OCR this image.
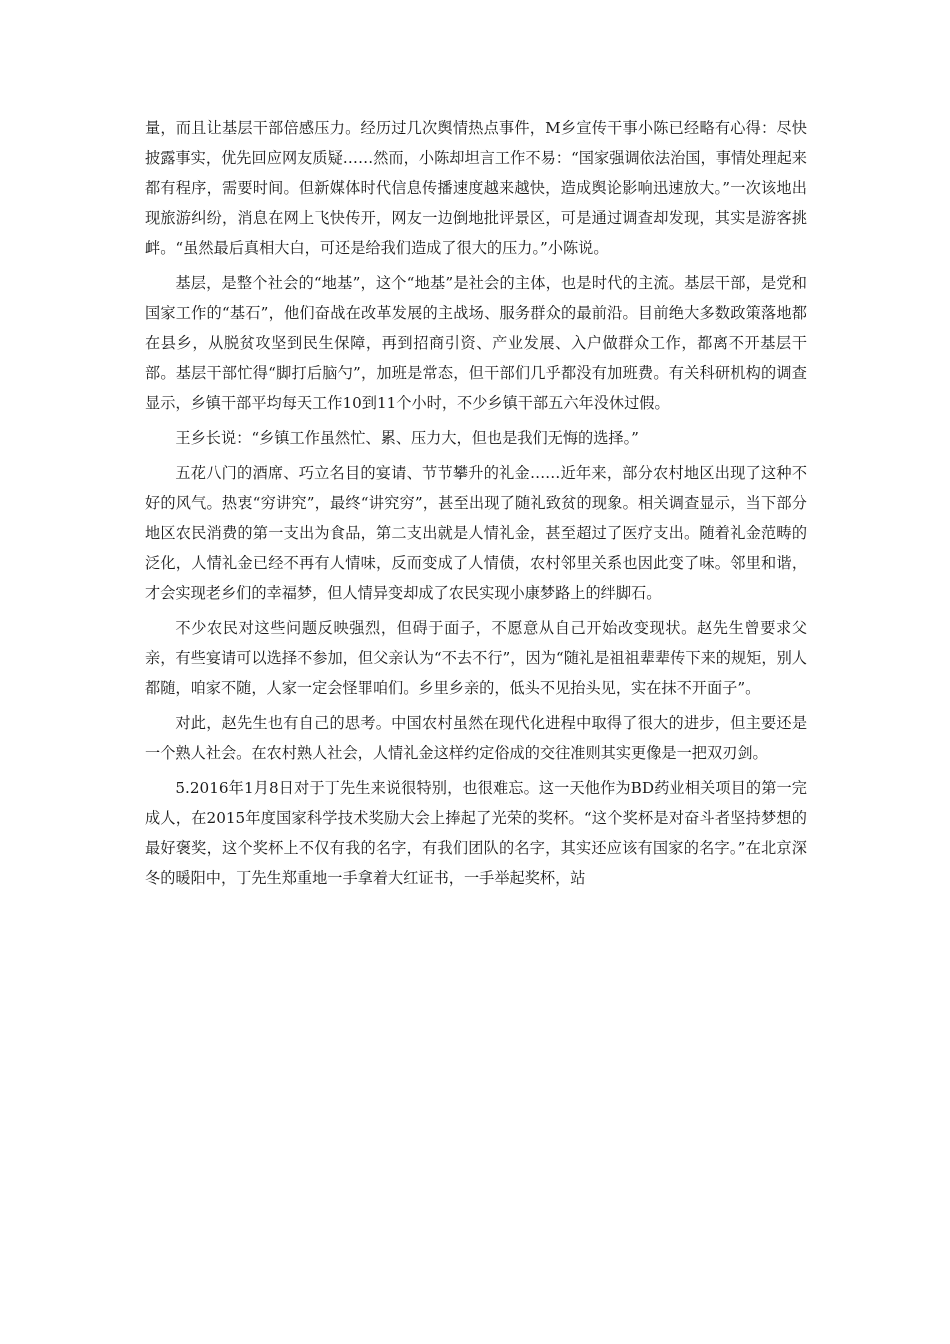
量，而且让基层干部倍感压力。经历过几次舆情热点事件，M乡宣传干事小陈已经略有心得：尽快披露事实，优先回应网友质疑……然而，小陈却坦言工作不易：“国家强调依法治国，事情处理起来都有程序，需要时间。但新媒体时代信息传播速度越来越快，造成舆论影响迅速放大。”一次该地出现旅游纠纷，消息在网上飞快传开，网友一边倒地批评景区，可是通过调查却发现，其实是游客挑衅。“虽然最后真相大白，可还是给我们造成了很大的压力。”小陈说。

基层，是整个社会的“地基”，这个“地基”是社会的主体，也是时代的主流。基层干部，是党和国家工作的“基石”，他们奋战在改革发展的主战场、服务群众的最前沿。目前绝大多数政策落地都在县乡，从脱贫攻坚到民生保障，再到招商引资、产业发展、入户做群众工作，都离不开基层干部。基层干部忙得“脚打后脑勺”，加班是常态，但干部们几乎都没有加班费。有关科研机构的调查显示，乡镇干部平均每天工作10到11个小时，不少乡镇干部五六年没休过假。

王乡长说：“乡镇工作虽然忙、累、压力大，但也是我们无悔的选择。”

五花八门的酒席、巧立名目的宴请、节节攀升的礼金……近年来，部分农村地区出现了这种不好的风气。热衷“穷讲究”，最终“讲究穷”，甚至出现了随礼致贫的现象。相关调查显示，当下部分地区农民消费的第一支出为食品，第二支出就是人情礼金，甚至超过了医疗支出。随着礼金范畴的泛化，人情礼金已经不再有人情味，反而变成了人情债，农村邻里关系也因此变了味。邻里和谐，才会实现老乡们的幸福梦，但人情异变却成了农民实现小康梦路上的绊脚石。

不少农民对这些问题反映强烈，但碍于面子，不愿意从自己开始改变现状。赵先生曾要求父亲，有些宴请可以选择不参加，但父亲认为“不去不行”，因为“随礼是祖祖辈辈传下来的规矩，别人都随，咱家不随，人家一定会怪罪咱们。乡里乡亲的，低头不见抬头见，实在抹不开面子”。

对此，赵先生也有自己的思考。中国农村虽然在现代化进程中取得了很大的进步，但主要还是一个熟人社会。在农村熟人社会，人情礼金这样约定俗成的交往准则其实更像是一把双刃剑。

5.2016年1月8日对于丁先生来说很特别，也很难忘。这一天他作为BD药业相关项目的第一完成人，在2015年度国家科学技术奖励大会上捧起了光荣的奖杯。“这个奖杯是对奋斗者坚持梦想的最好褒奖，这个奖杯上不仅有我的名字，有我们团队的名字，其实还应该有国家的名字。”在北京深冬的暖阳中，丁先生郑重地一手拿着大红证书，一手举起奖杯，站
